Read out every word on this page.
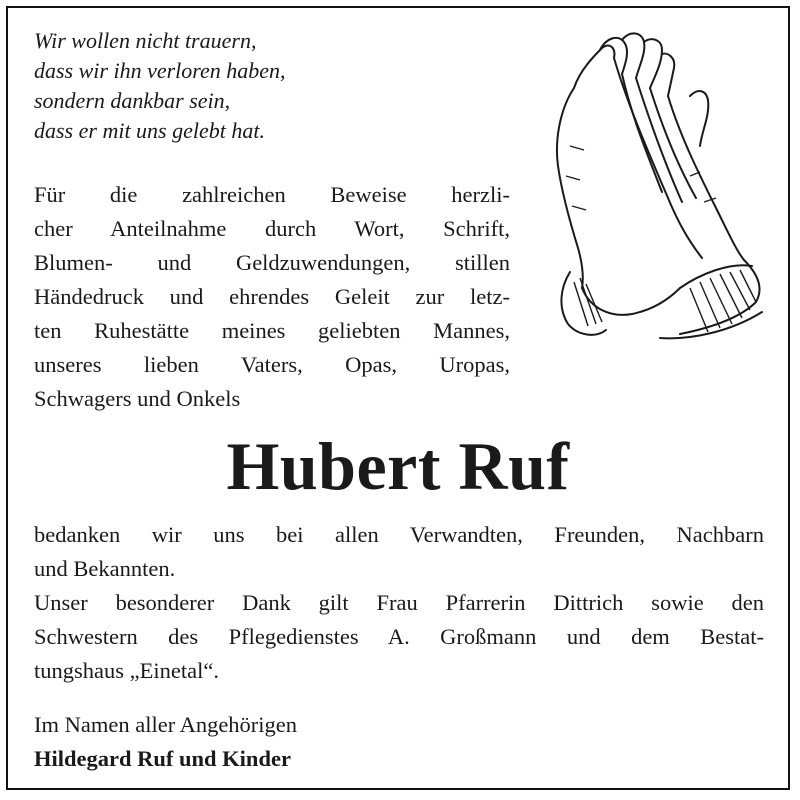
Wir wollen nicht trauern,
dass wir ihn verloren haben,
sondern dankbar sein,
dass er mit uns gelebt hat.
Für die zahlreichen Beweise herzli-
cher Anteilnahme durch Wort, Schrift,
Blumen- und Geldzuwendungen, stillen
Händedruck und ehrendes Geleit zur letz-
ten Ruhestätte meines geliebten Mannes,
unseres lieben Vaters, Opas, Uropas,
Schwagers und Onkels
Hubert Ruf
bedanken wir uns bei allen Verwandten, Freunden, Nachbarn
und Bekannten.
Unser besonderer Dank gilt Frau Pfarrerin Dittrich sowie den
Schwestern des Pflegedienstes A. Großmann und dem Bestat-
tungshaus „Einetal“.
Im Namen aller Angehörigen
Hildegard Ruf und Kinder
